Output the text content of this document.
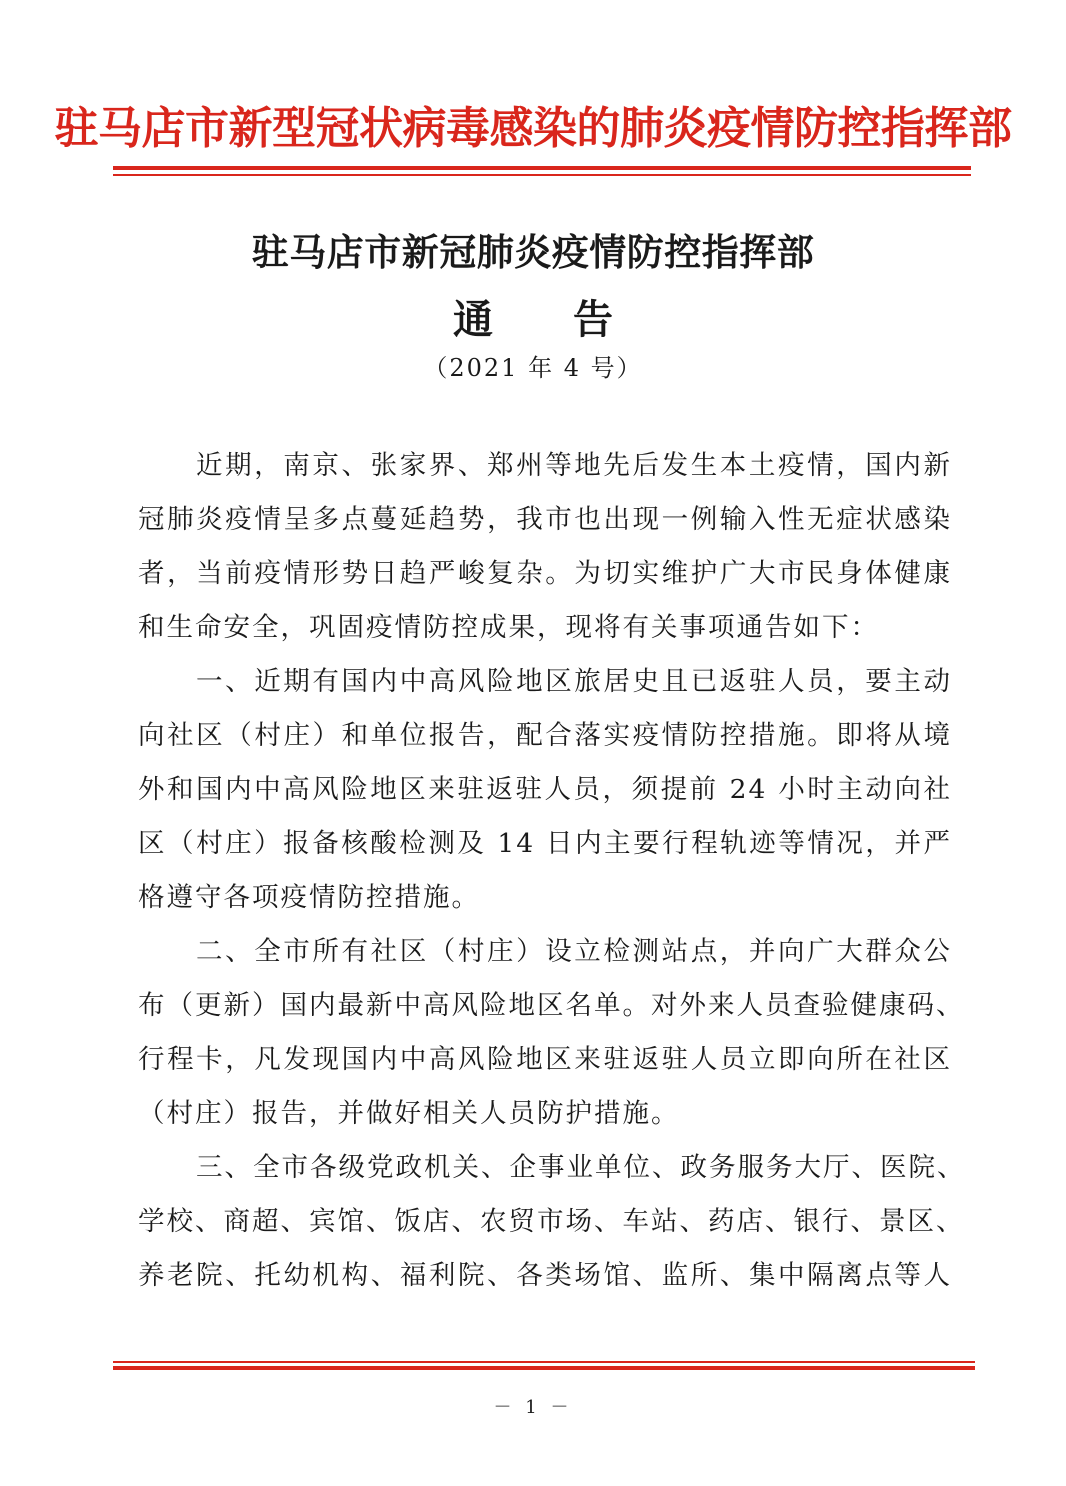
驻马店市新型冠状病毒感染的肺炎疫情防控指挥部
驻马店市新冠肺炎疫情防控指挥部
通 告
（2021 年 4 号）
近期，南京、张家界、郑州等地先后发生本土疫情，国内新
冠肺炎疫情呈多点蔓延趋势，我市也出现一例输入性无症状感染
者，当前疫情形势日趋严峻复杂。为切实维护广大市民身体健康
和生命安全，巩固疫情防控成果，现将有关事项通告如下：
一、近期有国内中高风险地区旅居史且已返驻人员，要主动
向社区（村庄）和单位报告，配合落实疫情防控措施。即将从境
外和国内中高风险地区来驻返驻人员，须提前 24 小时主动向社
区（村庄）报备核酸检测及 14 日内主要行程轨迹等情况，并严
格遵守各项疫情防控措施。
二、全市所有社区（村庄）设立检测站点，并向广大群众公
布（更新）国内最新中高风险地区名单。对外来人员查验健康码、
行程卡，凡发现国内中高风险地区来驻返驻人员立即向所在社区
（村庄）报告，并做好相关人员防护措施。
三、全市各级党政机关、企事业单位、政务服务大厅、医院、
学校、商超、宾馆、饭店、农贸市场、车站、药店、银行、景区、
养老院、托幼机构、福利院、各类场馆、监所、集中隔离点等人
－ 1 －
